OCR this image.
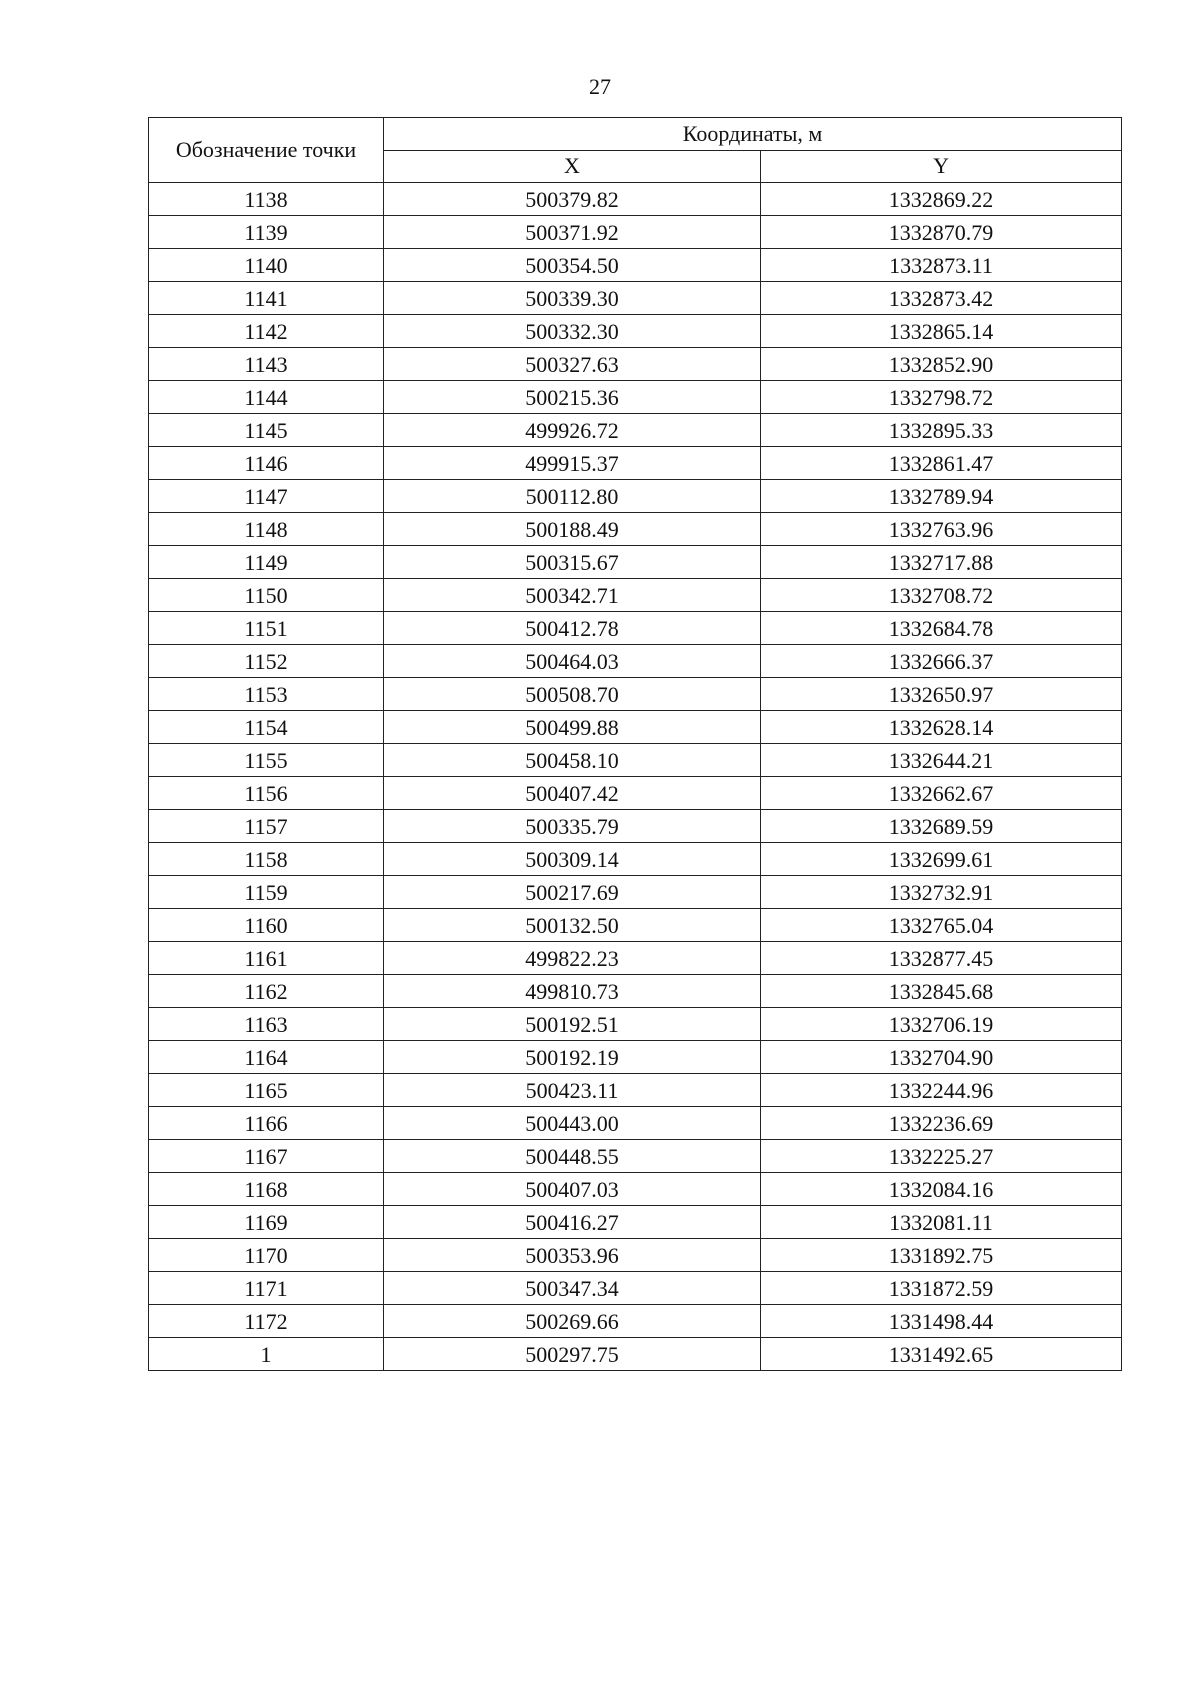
27
Обозначение точки	Координаты, м	
	X	Y
1138	500379.82	1332869.22
1139	500371.92	1332870.79
1140	500354.50	1332873.11
1141	500339.30	1332873.42
1142	500332.30	1332865.14
1143	500327.63	1332852.90
1144	500215.36	1332798.72
1145	499926.72	1332895.33
1146	499915.37	1332861.47
1147	500112.80	1332789.94
1148	500188.49	1332763.96
1149	500315.67	1332717.88
1150	500342.71	1332708.72
1151	500412.78	1332684.78
1152	500464.03	1332666.37
1153	500508.70	1332650.97
1154	500499.88	1332628.14
1155	500458.10	1332644.21
1156	500407.42	1332662.67
1157	500335.79	1332689.59
1158	500309.14	1332699.61
1159	500217.69	1332732.91
1160	500132.50	1332765.04
1161	499822.23	1332877.45
1162	499810.73	1332845.68
1163	500192.51	1332706.19
1164	500192.19	1332704.90
1165	500423.11	1332244.96
1166	500443.00	1332236.69
1167	500448.55	1332225.27
1168	500407.03	1332084.16
1169	500416.27	1332081.11
1170	500353.96	1331892.75
1171	500347.34	1331872.59
1172	500269.66	1331498.44
1	500297.75	1331492.65
